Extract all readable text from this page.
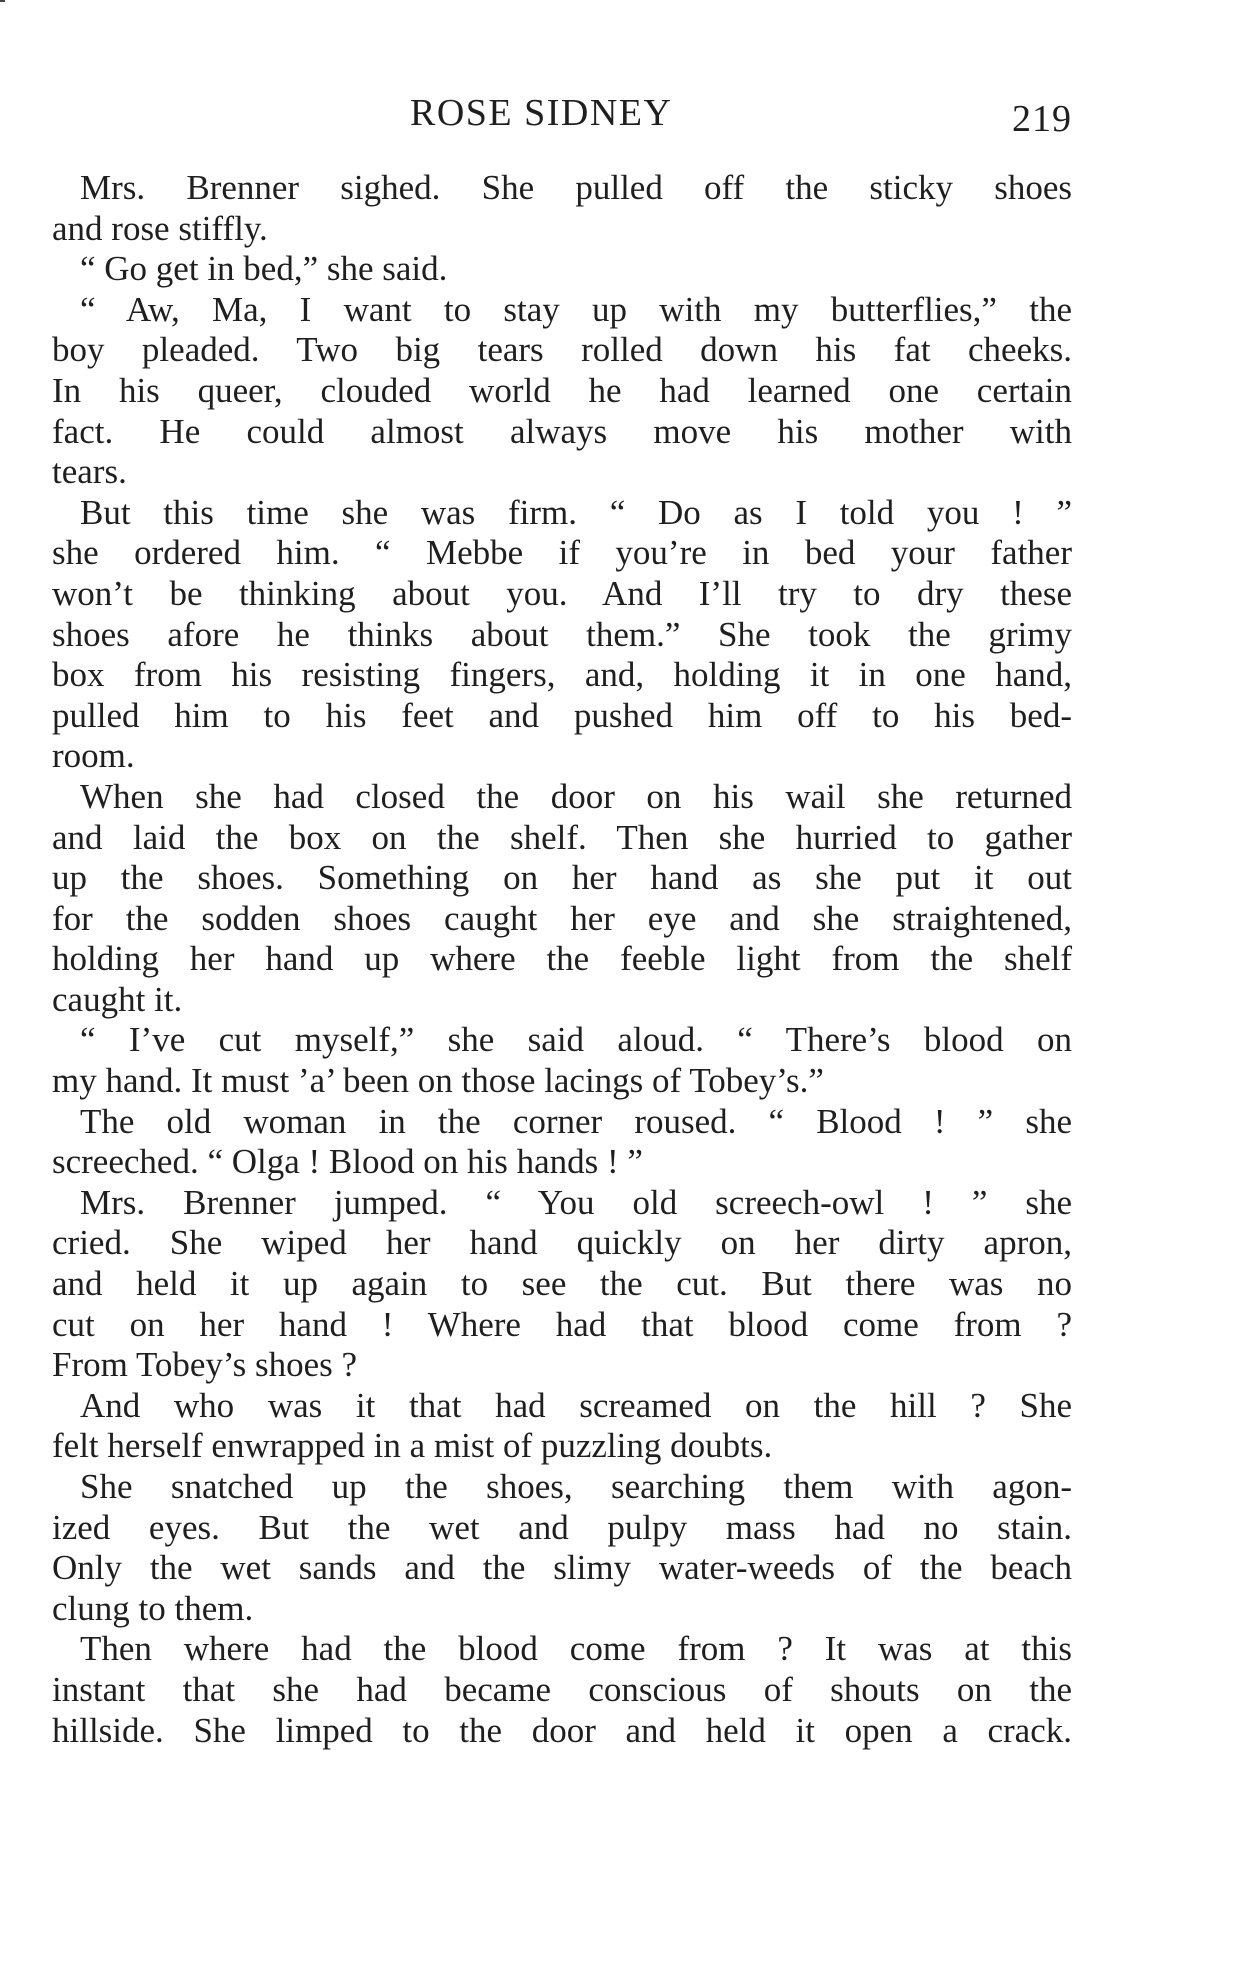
ROSE SIDNEY	219
Mrs. Brenner sighed. She pulled off the sticky shoes
and rose stiffly.
“ Go get in bed,” she said.
“ Aw, Ma, I want to stay up with my butterflies,” the
boy pleaded. Two big tears rolled down his fat cheeks.
In his queer, clouded world he had learned one certain
fact. He could almost always move his mother with
tears.
But this time she was firm. “ Do as I told you ! ”
she ordered him. “ Mebbe if you’re in bed your father
won’t be thinking about you. And I’ll try to dry these
shoes afore he thinks about them.” She took the grimy
box from his resisting fingers, and, holding it in one hand,
pulled him to his feet and pushed him off to his bed-
room.
When she had closed the door on his wail she returned
and laid the box on the shelf. Then she hurried to gather
up the shoes. Something on her hand as she put it out
for the sodden shoes caught her eye and she straightened,
holding her hand up where the feeble light from the shelf
caught it.
“ I’ve cut myself,” she said aloud. “ There’s blood on
my hand. It must ’a’ been on those lacings of Tobey’s.”
The old woman in the corner roused. “ Blood ! ” she
screeched. “ Olga ! Blood on his hands ! ”
Mrs. Brenner jumped. “ You old screech-owl ! ” she
cried. She wiped her hand quickly on her dirty apron,
and held it up again to see the cut. But there was no
cut on her hand ! Where had that blood come from ?
From Tobey’s shoes ?
And who was it that had screamed on the hill ? She
felt herself enwrapped in a mist of puzzling doubts.
She snatched up the shoes, searching them with agon-
ized eyes. But the wet and pulpy mass had no stain.
Only the wet sands and the slimy water-weeds of the beach
clung to them.
Then where had the blood come from ? It was at this
instant that she had became conscious of shouts on the
hillside. She limped to the door and held it open a crack.
